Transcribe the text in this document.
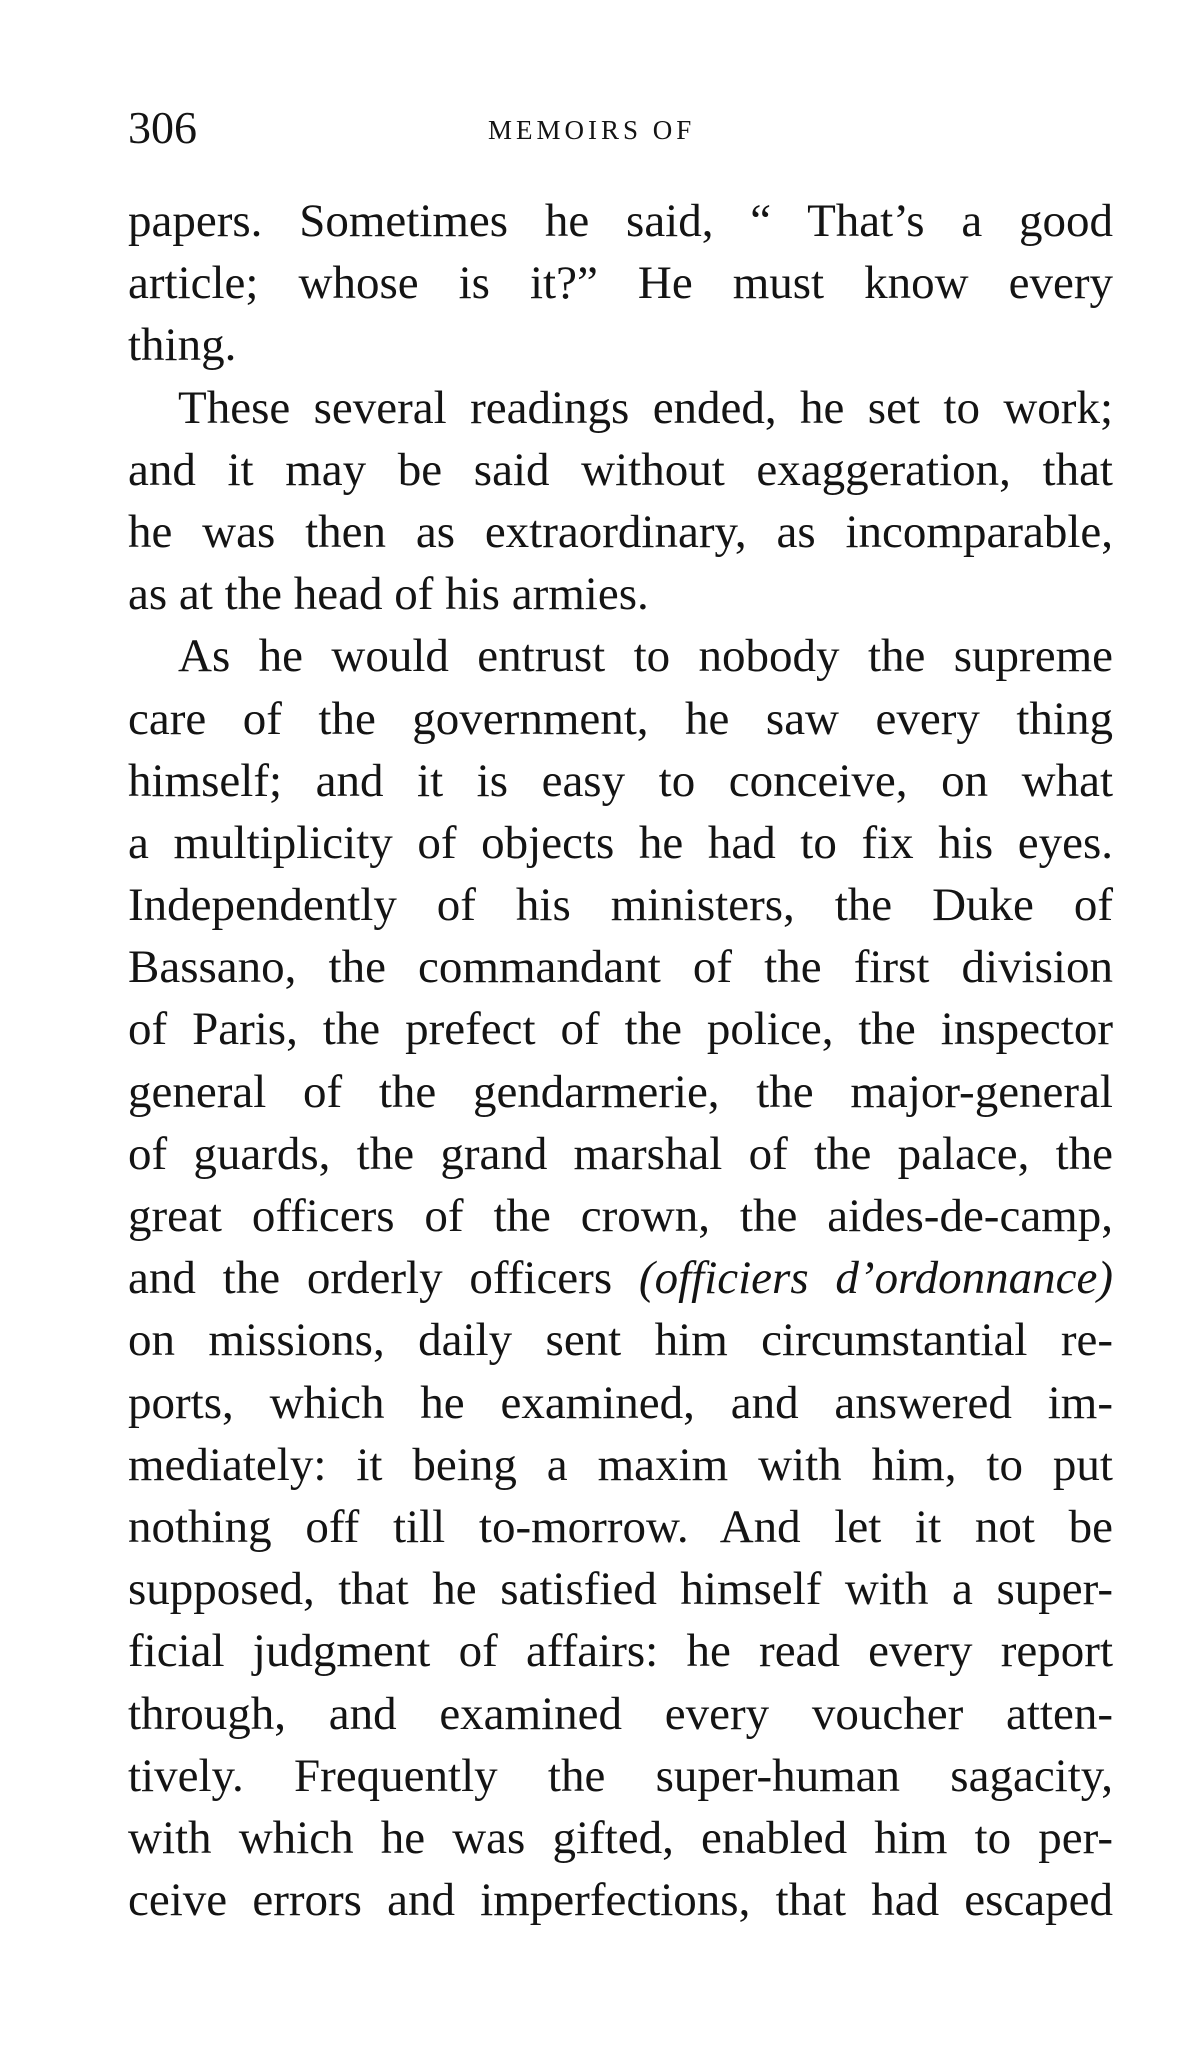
306	MEMOIRS OF
papers. Sometimes he said, “ That’s a good
article; whose is it?” He must know every
thing.
These several readings ended, he set to work;
and it may be said without exaggeration, that
he was then as extraordinary, as incomparable,
as at the head of his armies.
As he would entrust to nobody the supreme
care of the government, he saw every thing
himself; and it is easy to conceive, on what
a multiplicity of objects he had to fix his eyes.
Independently of his ministers, the Duke of
Bassano, the commandant of the first division
of Paris, the prefect of the police, the inspector
general of the gendarmerie, the major-general
of guards, the grand marshal of the palace, the
great officers of the crown, the aides-de-camp,
and the orderly officers (officiers d’ordonnance)
on missions, daily sent him circumstantial re-
ports, which he examined, and answered im-
mediately: it being a maxim with him, to put
nothing off till to-morrow. And let it not be
supposed, that he satisfied himself with a super-
ficial judgment of affairs: he read every report
through, and examined every voucher atten-
tively. Frequently the super-human sagacity,
with which he was gifted, enabled him to per-
ceive errors and imperfections, that had escaped
